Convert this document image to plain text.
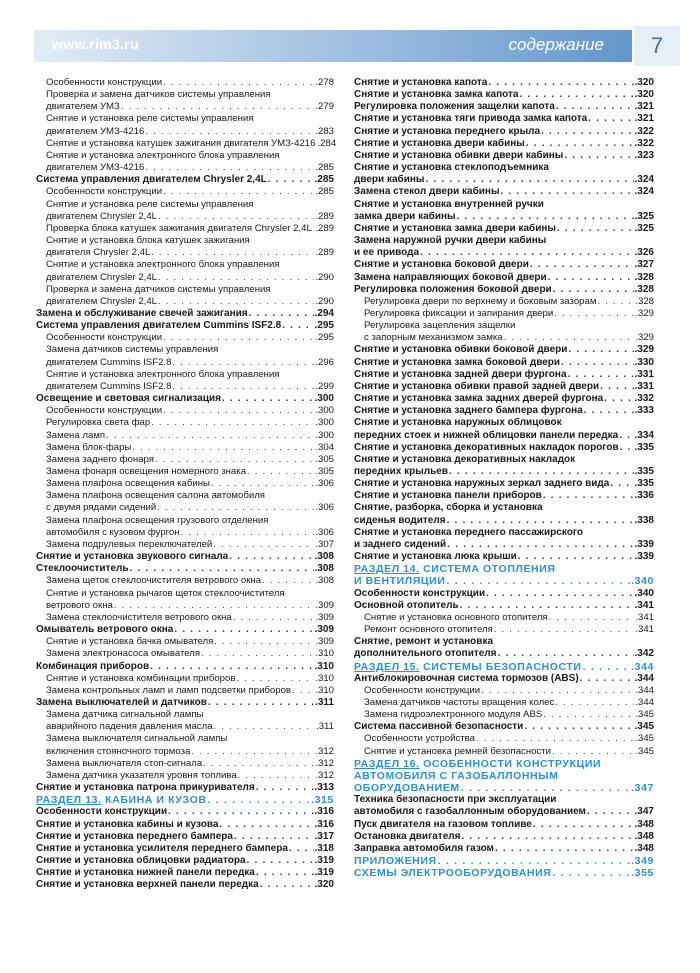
www.rim3.ru	содержание	7
Особенности конструкции . . .	.278
Проверка и замена датчиков системы управления
двигателем УМЗ . . .	.279
Снятие и установка реле системы управления
двигателем УМЗ-4216 . . .	.283
Снятие и установка катушек зажигания двигателя УМЗ-4216 .284
Снятие и установка электронного блока управления
двигателем УМЗ-4216 . . .	.285
Система управления двигателем Chrysler 2,4L . . .	.285
Особенности конструкции . . .	.285
Снятие и установка реле системы управления
двигателем Chrysler 2,4L . . .	.289
Проверка блока катушек зажигания двигателя Chrysler 2,4L . . . .289
Снятие и установка блока катушек зажигания
двигателя Chrysler 2,4L . . .	.289
Снятие и установка электронного блока управления
двигателем Chrysler 2,4L . . .	.290
Проверка и замена датчиков системы управления
двигателем Chrysler 2,4L . . .	.290
Замена и обслуживание свечей зажигания . . .	.294
Система управления двигателем Cummins ISF2.8 . . .	.295
Особенности конструкции . . .	.295
Замена датчиков системы управления
двигателем Cummins ISF2.8 . . .	.296
Снятие и установка электронного блока управления
двигателем Cummins ISF2.8 . . .	.299
Освещение и световая сигнализация . . .	.300
Особенности конструкции . . .	.300
Регулировка света фар . . .	.300
Замена ламп . . .	.300
Замена блок-фары . . .	.304
Замена заднего фонаря . . .	.305
Замена фонаря освещения номерного знака . . .	.305
Замена плафона освещения кабины . . .	.306
Замена плафона освещения салона автомобиля
с двумя рядами сидений . . .	.306
Замена плафона освещения грузового отделения
автомобиля с кузовом фургон . . .	.306
Замена подрулевых переключателей . . .	.307
Снятие и установка звукового сигнала . . .	.308
Стеклоочиститель . . .	.308
Замена щеток стеклоочистителя ветрового окна . . .	.308
Снятие и установка рычагов щеток стеклоочистителя
ветрового окна . . .	.309
Замена стеклоочистителя ветрового окна . . .	.309
Омыватель ветрового окна . . .	.309
Снятие и установка бачка омывателя . . .	.309
Замена электронасоса омывателя . . .	.310
Комбинация приборов . . .	.310
Снятие и установка комбинации приборов . . .	.310
Замена контрольных ламп и ламп подсветки приборов . . .	.310
Замена выключателей и датчиков . . .	.311
Замена датчика сигнальной лампы
аварийного падения давления масла . . .	.311
Замена выключателя сигнальной лампы
включения стояночного тормоза . . .	.312
Замена выключателя стоп-сигнала . . .	.312
Замена датчика указателя уровня топлива . . .	.312
Снятие и установка патрона прикуривателя . . .	.313
РАЗДЕЛ 13. КАБИНА И КУЗОВ . . .	.315
Особенности конструкции . . .	.316
Снятие и установка кабины и кузова . . .	.316
Снятие и установка переднего бампера . . .	.317
Снятие и установка усилителя переднего бампера . . .	.318
Снятие и установка облицовки радиатора . . .	.319
Снятие и установка нижней панели передка . . .	.319
Снятие и установка верхней панели передка . . .	.320
Снятие и установка капота . . .	.320
Снятие и установка замка капота . . .	.320
Регулировка положения защелки капота . . .	.321
Снятие и установка тяги привода замка капота . . .	.321
Снятие и установка переднего крыла . . .	.322
Снятие и установка двери кабины . . .	.322
Снятие и установка обивки двери кабины . . .	.323
Снятие и установка стеклоподъемника
двери кабины . . .	.324
Замена стекол двери кабины . . .	.324
Снятие и установка внутренней ручки
замка двери кабины . . .	.325
Снятие и установка замка двери кабины . . .	.325
Замена наружной ручки двери кабины
и ее привода . . .	.326
Снятие и установка боковой двери . . .	.327
Замена направляющих боковой двери . . .	.328
Регулировка положения боковой двери . . .	.328
Регулировка двери по верхнему и боковым зазорам . . .	.328
Регулировка фиксации и запирания двери . . .	.329
Регулировка зацепления защелки
с запорным механизмом замка . . .	.329
Снятие и установка обивки боковой двери . . .	.329
Снятие и установка замка боковой двери . . .	.330
Снятие и установка задней двери фургона . . .	.331
Снятие и установка обивки правой задней двери . . .	.331
Снятие и установка замка задних дверей фургона . . .	.332
Снятие и установка заднего бампера фургона . . .	.333
Снятие и установка наружных облицовок
передних стоек и нижней облицовки панели передка . . . .334
Снятие и установка декоративных накладок порогов . . . .335
Снятие и установка декоративных накладок
передних крыльев . . .	.335
Снятие и установка наружных зеркал заднего вида . . .	.335
Снятие и установка панели приборов . . .	.336
Снятие, разборка, сборка и установка
сиденья водителя . . .	.338
Снятие и установка переднего пассажирского
и заднего сидений . . .	.339
Снятие и установка люка крыши . . .	.339
РАЗДЕЛ 14. СИСТЕМА ОТОПЛЕНИЯ
И ВЕНТИЛЯЦИИ . . .	.340
Особенности конструкции . . .	.340
Основной отопитель . . .	.341
Снятие и установка основного отопителя . . .	.341
Ремонт основного отопителя . . .	.341
Снятие, ремонт и установка
дополнительного отопителя . . .	.342
РАЗДЕЛ 15. СИСТЕМЫ БЕЗОПАСНОСТИ . . .	.344
Антиблокировочная система тормозов (ABS) . . .	.344
Особенности конструкции . . .	.344
Замена датчиков частоты вращения колес . . .	.344
Замена гидроэлектронного модуля ABS . . .	.345
Система пассивной безопасности . . .	.345
Особенности устройства . . .	.345
Снятие и установка ремней безопасности . . .	.345
РАЗДЕЛ 16. ОСОБЕННОСТИ КОНСТРУКЦИИ
АВТОМОБИЛЯ С ГАЗОБАЛЛОННЫМ
ОБОРУДОВАНИЕМ . . .	.347
Техника безопасности при эксплуатации
автомобиля с газобаллонным оборудованием . . .	.347
Пуск двигателя на газовом топливе . . .	.348
Остановка двигателя . . .	.348
Заправка автомобиля газом . . .	.348
ПРИЛОЖЕНИЯ . . .	.349
СХЕМЫ ЭЛЕКТРООБОРУДОВАНИЯ . . .	.355
